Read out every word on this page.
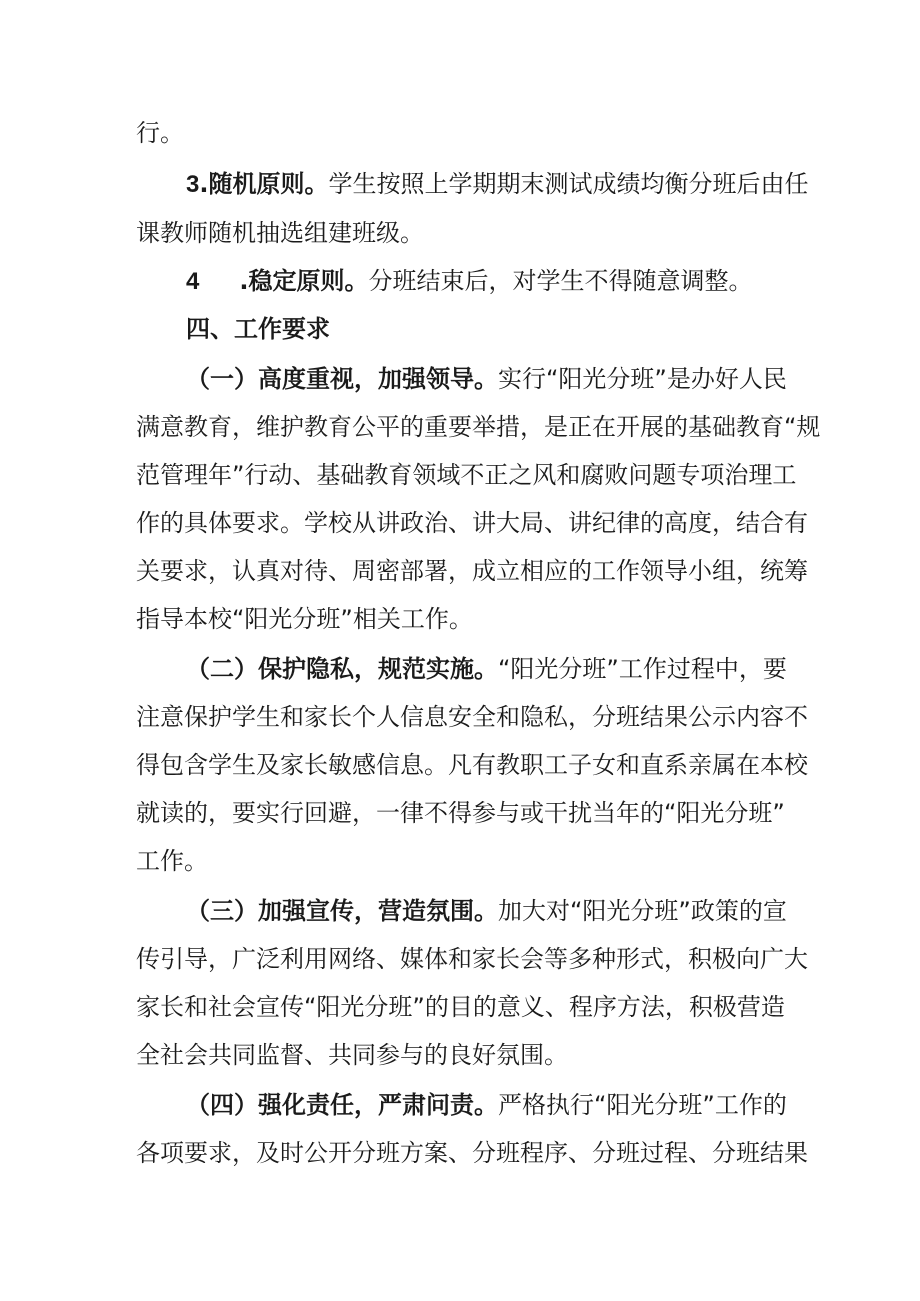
行。
3.随机原则。学生按照上学期期末测试成绩均衡分班后由任
课教师随机抽选组建班级。
4 .稳定原则。分班结束后，对学生不得随意调整。
四、工作要求
（一）高度重视，加强领导。实行“阳光分班”是办好人民
满意教育，维护教育公平的重要举措，是正在开展的基础教育“规
范管理年”行动、基础教育领域不正之风和腐败问题专项治理工
作的具体要求。学校从讲政治、讲大局、讲纪律的高度，结合有
关要求，认真对待、周密部署，成立相应的工作领导小组，统筹
指导本校“阳光分班”相关工作。
（二）保护隐私，规范实施。“阳光分班”工作过程中，要
注意保护学生和家长个人信息安全和隐私，分班结果公示内容不
得包含学生及家长敏感信息。凡有教职工子女和直系亲属在本校
就读的，要实行回避，一律不得参与或干扰当年的“阳光分班”
工作。
（三）加强宣传，营造氛围。加大对“阳光分班”政策的宣
传引导，广泛利用网络、媒体和家长会等多种形式，积极向广大
家长和社会宣传“阳光分班”的目的意义、程序方法，积极营造
全社会共同监督、共同参与的良好氛围。
（四）强化责任，严肃问责。严格执行“阳光分班”工作的
各项要求，及时公开分班方案、分班程序、分班过程、分班结果
